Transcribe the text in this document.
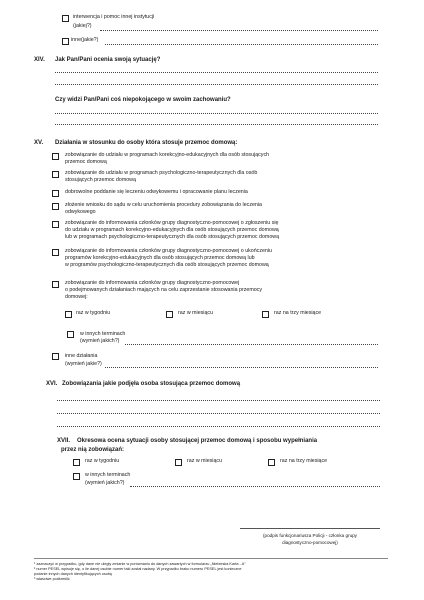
interwencja i pomoc innej instytucji
(jakiej?)
inne(jakie?)
XIV. Jak Pan/Pani ocenia swoją sytuację?
Czy widzi Pan/Pani coś niepokojącego w swoim zachowaniu?
XV. Działania w stosunku do osoby która stosuje przemoc domową:
zobowiązanie do udziału w programach korekcyjno-edukacyjnych dla osób stosujących
przemoc domową
zobowiązanie do udziału w programach psychologiczno-terapeutycznych dla osób
stosujących przemoc domową
dobrowolne poddanie się leczeniu odwykowemu i opracowanie planu leczenia
złożenie wniosku do sądu w celu uruchomienia procedury zobowiązania do leczenia
odwykowego
zobowiązanie do informowania członków grupy diagnostyczno-pomocowej o zgłoszeniu się
do udziału w programach korekcyjno-edukacyjnych dla osób stosujących przemoc domową
lub w programach psychologiczno-terapeutycznych dla osób stosujących przemoc domową
zobowiązanie do informowania członków grupy diagnostyczno-pomocowej o ukończeniu
programów korekcyjno-edukacyjnych dla osób stosujących przemoc domową lub
w programów psychologiczno-terapeutycznych dla osób stosujących przemoc domową
zobowiązanie do informowania członków grupy diagnostyczno-pomocowej
o podejmowanych działaniach mających na celu zaprzestanie stosowania przemocy
domowej:
raz w tygodniu	raz w miesiącu	raz na trzy miesiące
w innych terminach
(wymień jakich?)
inne działania
(wymień jakie?)
XVI. Zobowiązania jakie podjęła osoba stosująca przemoc domową
XVII. Okresowa ocena sytuacji osoby stosującej przemoc domową i sposobu wypełniania
przez nią zobowiązań:
raz w tygodniu	raz w miesiącu	raz na trzy miesiące
w innych terminach
(wymień jakich?)
(podpis funkcjonariusza Policji - członka grupy
diagnostyczno-pomocowej)
¹ zaznaczyć w przypadku, gdy dane nie uległy zmianie w porównaniu do danych zawartych w formularzu „Niebieska Karta - A”
² numer PESEL wpisuje się, o ile danej osobie numer taki został nadany. W przypadku braku numeru PESEL jest konieczne
podanie innych danych identyfikujących osobę
³ właściwe podkreślić
